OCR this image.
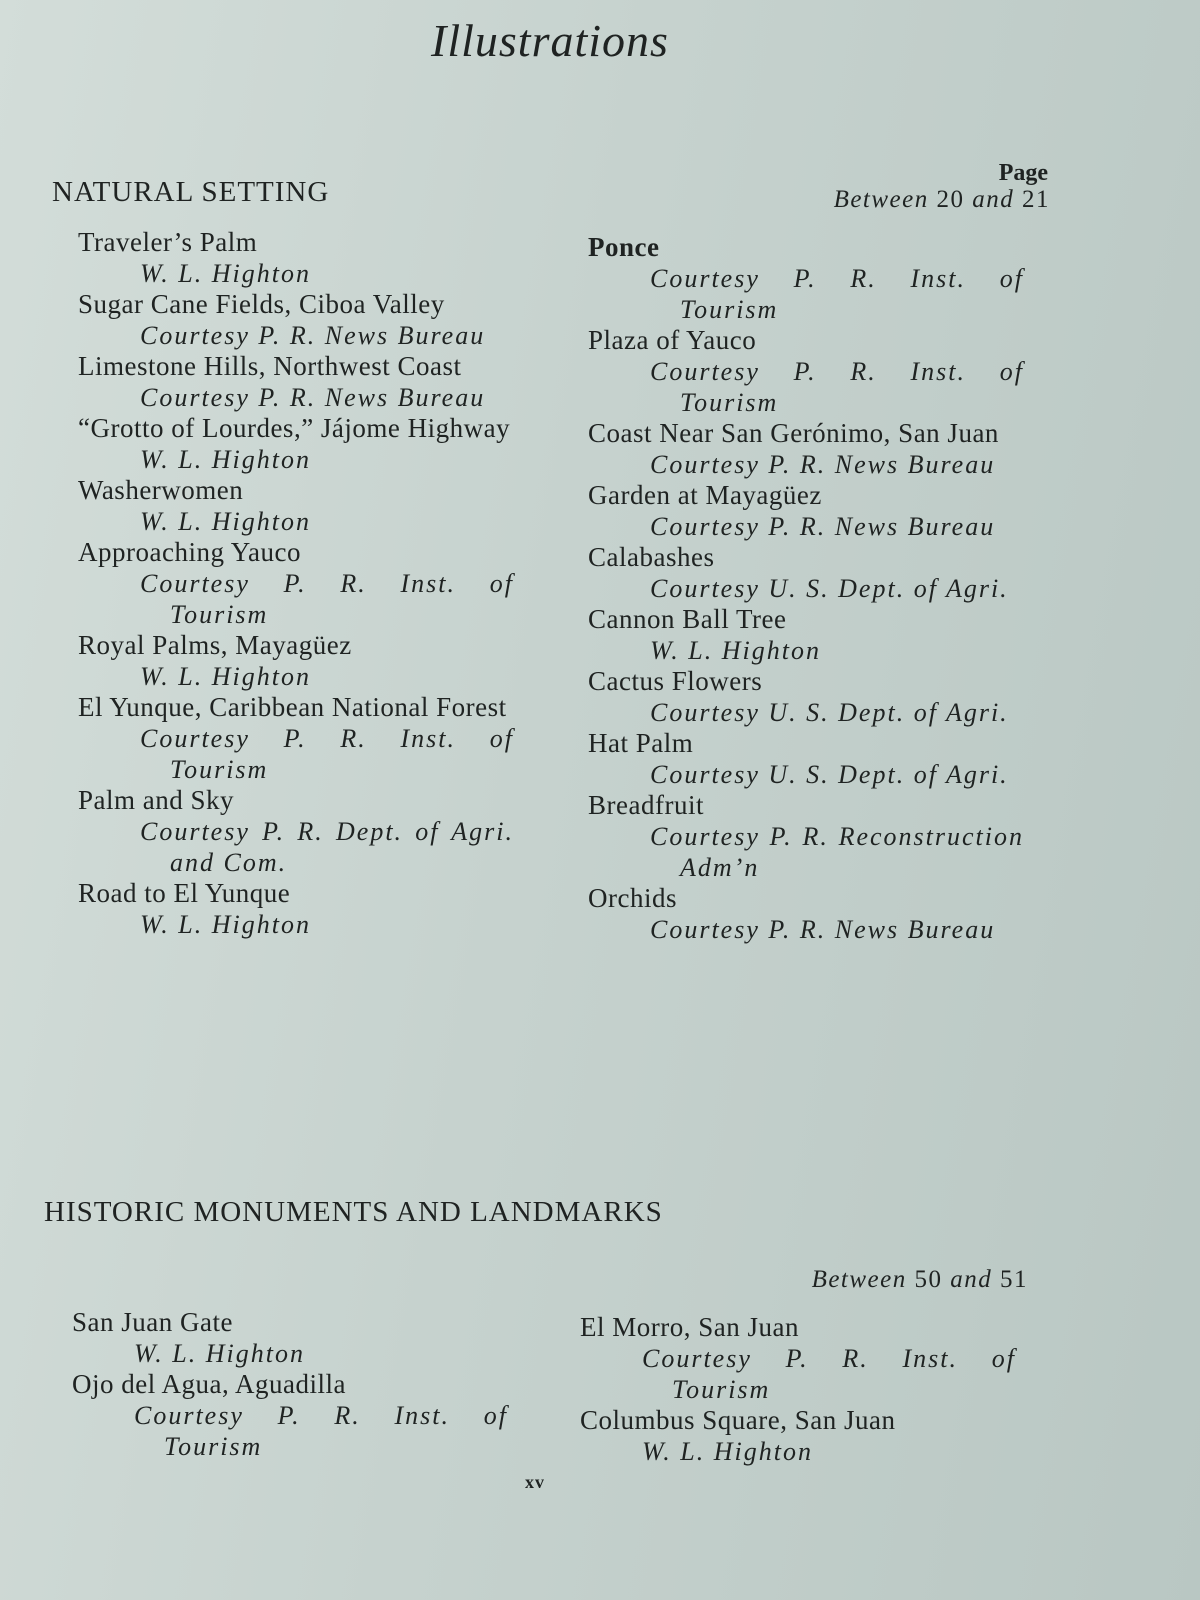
Illustrations
Page
NATURAL SETTING	Between 20 and 21
Traveler’s Palm
W. L. Highton
Sugar Cane Fields, Ciboa Valley
Courtesy P. R. News Bureau
Limestone Hills, Northwest Coast
Courtesy P. R. News Bureau
“Grotto of Lourdes,” Jájome Highway
W. L. Highton
Washerwomen
W. L. Highton
Approaching Yauco
Courtesy P. R. Inst. of Tourism
Royal Palms, Mayagüez
W. L. Highton
El Yunque, Caribbean National Forest
Courtesy P. R. Inst. of Tourism
Palm and Sky
Courtesy P. R. Dept. of Agri. and Com.
Road to El Yunque
W. L. Highton
Ponce
Courtesy P. R. Inst. of Tourism
Plaza of Yauco
Courtesy P. R. Inst. of Tourism
Coast Near San Gerónimo, San Juan
Courtesy P. R. News Bureau
Garden at Mayagüez
Courtesy P. R. News Bureau
Calabashes
Courtesy U. S. Dept. of Agri.
Cannon Ball Tree
W. L. Highton
Cactus Flowers
Courtesy U. S. Dept. of Agri.
Hat Palm
Courtesy U. S. Dept. of Agri.
Breadfruit
Courtesy P. R. Reconstruction Adm’n
Orchids
Courtesy P. R. News Bureau
HISTORIC MONUMENTS AND LANDMARKS
Between 50 and 51
San Juan Gate
W. L. Highton
Ojo del Agua, Aguadilla
Courtesy P. R. Inst. of Tourism
El Morro, San Juan
Courtesy P. R. Inst. of Tourism
Columbus Square, San Juan
W. L. Highton
xv
